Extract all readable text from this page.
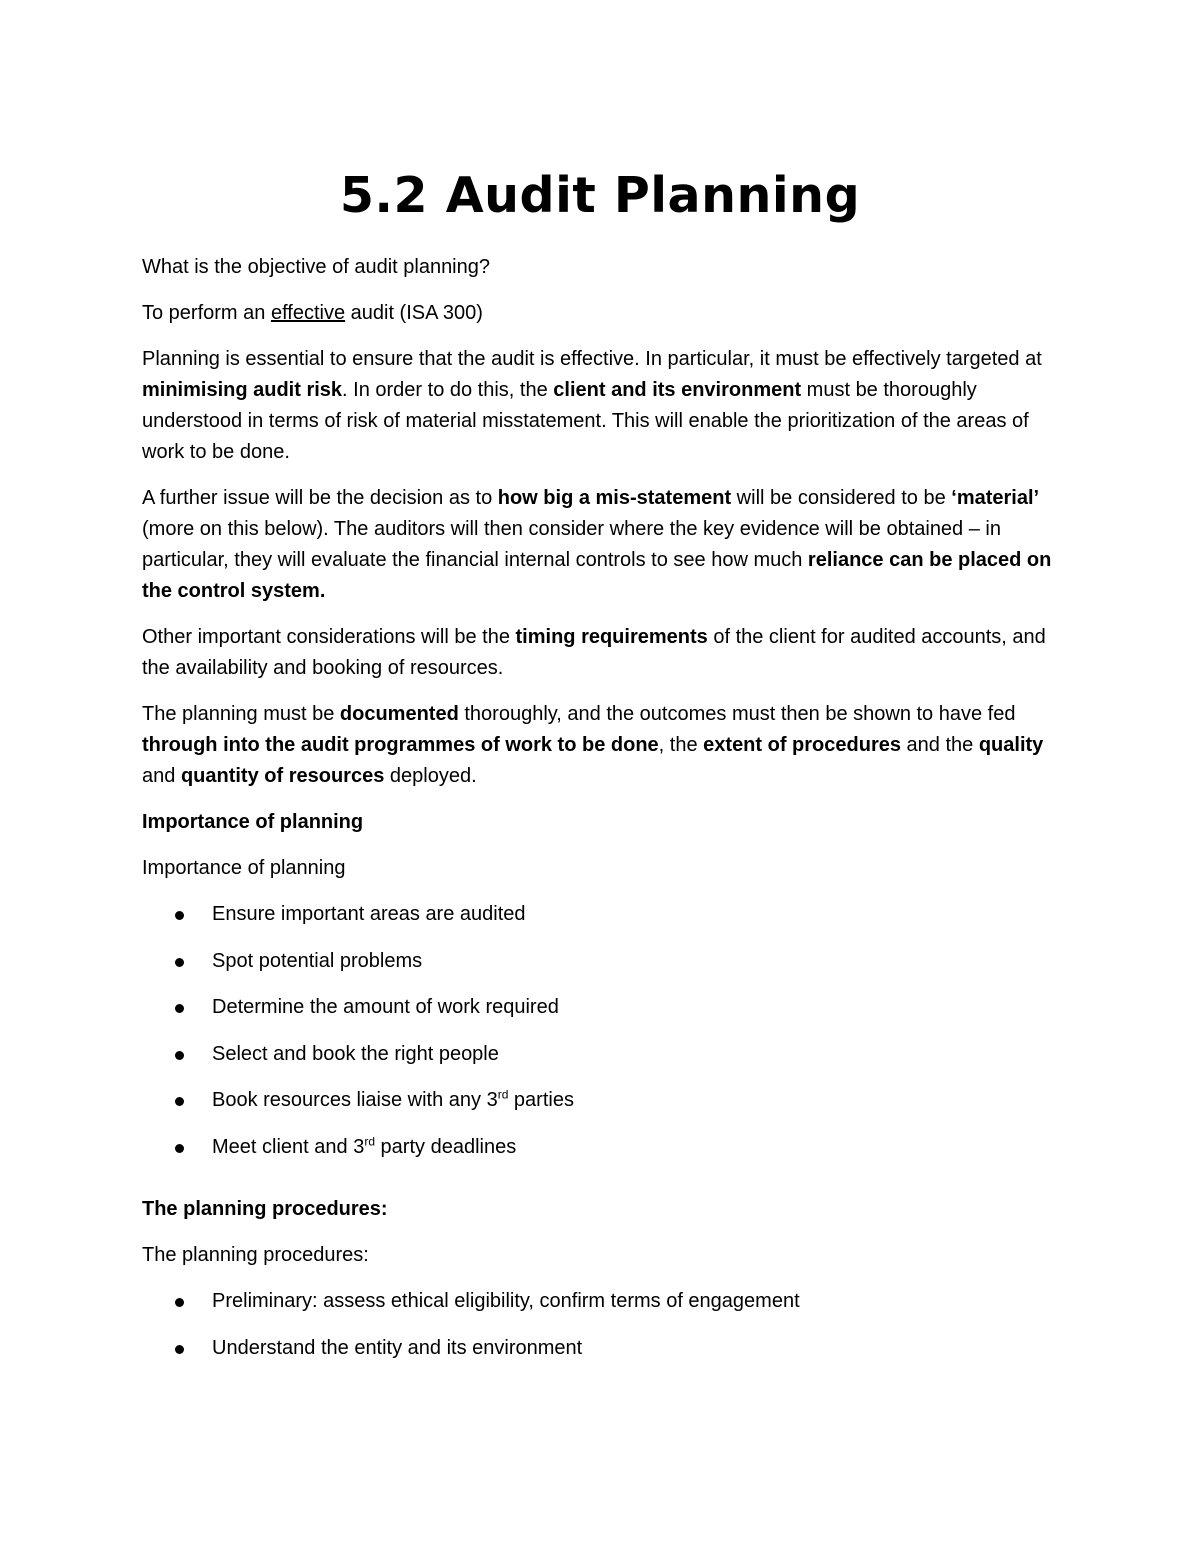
5.2 Audit Planning

What is the objective of audit planning?

To perform an effective audit (ISA 300)

Planning is essential to ensure that the audit is effective. In particular, it must be effectively targeted at minimising audit risk. In order to do this, the client and its environment must be thoroughly understood in terms of risk of material misstatement. This will enable the prioritization of the areas of work to be done.

A further issue will be the decision as to how big a mis-statement will be considered to be ‘material’ (more on this below). The auditors will then consider where the key evidence will be obtained – in particular, they will evaluate the financial internal controls to see how much reliance can be placed on the control system.

Other important considerations will be the timing requirements of the client for audited accounts, and the availability and booking of resources.

The planning must be documented thoroughly, and the outcomes must then be shown to have fed through into the audit programmes of work to be done, the extent of procedures and the quality and quantity of resources deployed.

Importance of planning

Importance of planning

Ensure important areas are audited
Spot potential problems
Determine the amount of work required
Select and book the right people
Book resources liaise with any 3rd parties
Meet client and 3rd party deadlines

The planning procedures:

The planning procedures:

Preliminary: assess ethical eligibility, confirm terms of engagement
Understand the entity and its environment
